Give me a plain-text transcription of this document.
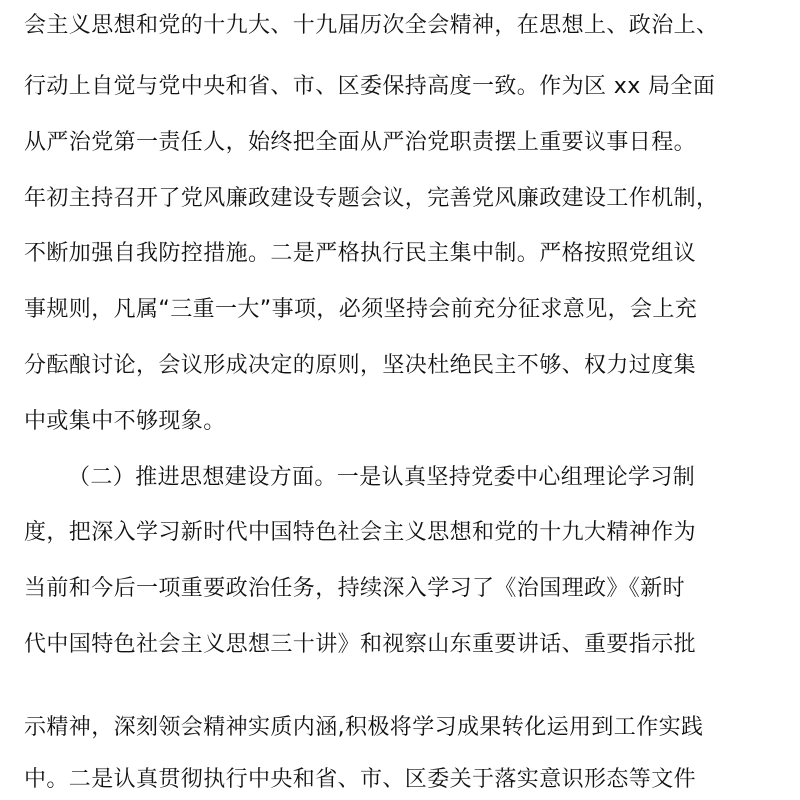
会主义思想和党的十九大、十九届历次全会精神，在思想上、政治上、
行动上自觉与党中央和省、市、区委保持高度一致。作为区 xx 局全面
从严治党第一责任人，始终把全面从严治党职责摆上重要议事日程。
年初主持召开了党风廉政建设专题会议，完善党风廉政建设工作机制，
不断加强自我防控措施。二是严格执行民主集中制。严格按照党组议
事规则，凡属“三重一大”事项，必须坚持会前充分征求意见，会上充
分酝酿讨论，会议形成决定的原则，坚决杜绝民主不够、权力过度集
中或集中不够现象。
（二）推进思想建设方面。一是认真坚持党委中心组理论学习制
度，把深入学习新时代中国特色社会主义思想和党的十九大精神作为
当前和今后一项重要政治任务，持续深入学习了《治国理政》《新时
代中国特色社会主义思想三十讲》和视察山东重要讲话、重要指示批
示精神，深刻领会精神实质内涵,积极将学习成果转化运用到工作实践
中。二是认真贯彻执行中央和省、市、区委关于落实意识形态等文件
